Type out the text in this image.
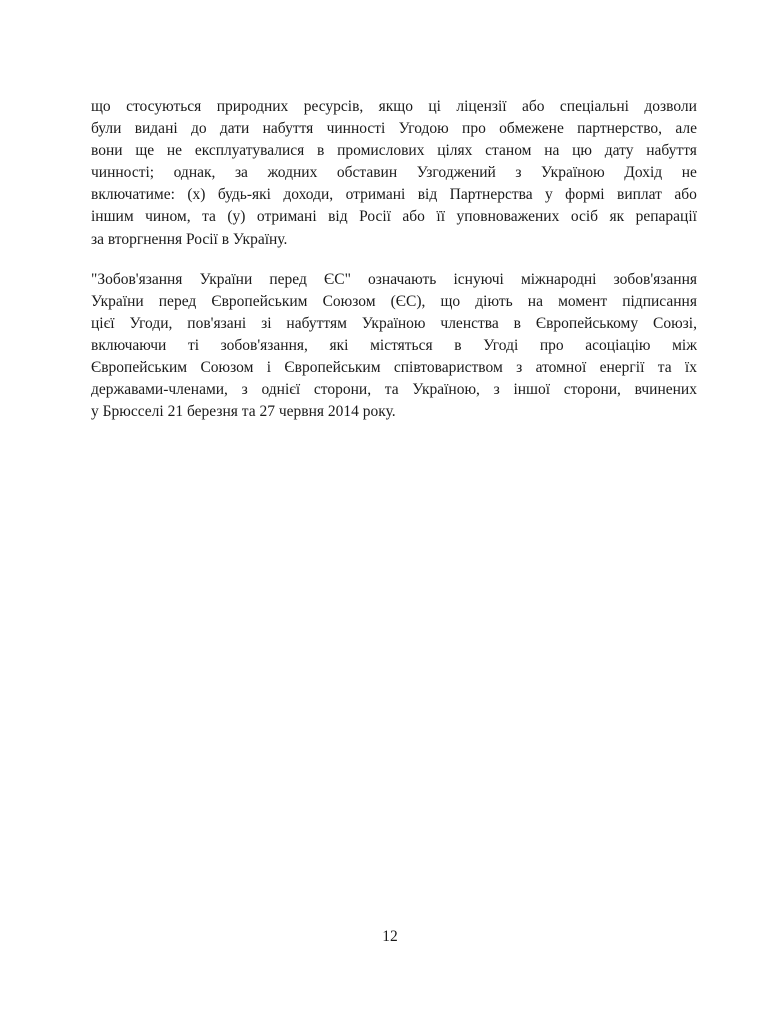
що стосуються природних ресурсів, якщо ці ліцензії або спеціальні дозволи
були видані до дати набуття чинності Угодою про обмежене партнерство, але
вони ще не експлуатувалися в промислових цілях станом на цю дату набуття
чинності; однак, за жодних обставин Узгоджений з Україною Дохід не
включатиме: (x) будь-які доходи, отримані від Партнерства у формі виплат або
іншим чином, та (y) отримані від Росії або її уповноважених осіб як репарації
за вторгнення Росії в Україну.
"Зобов'язання України перед ЄС" означають існуючі міжнародні зобов'язання
України перед Європейським Союзом (ЄС), що діють на момент підписання
цієї Угоди, пов'язані зі набуттям Україною членства в Європейському Союзі,
включаючи ті зобов'язання, які містяться в Угоді про асоціацію між
Європейським Союзом і Європейським співтовариством з атомної енергії та їх
державами-членами, з однієї сторони, та Україною, з іншої сторони, вчинених
у Брюсселі 21 березня та 27 червня 2014 року.
12
